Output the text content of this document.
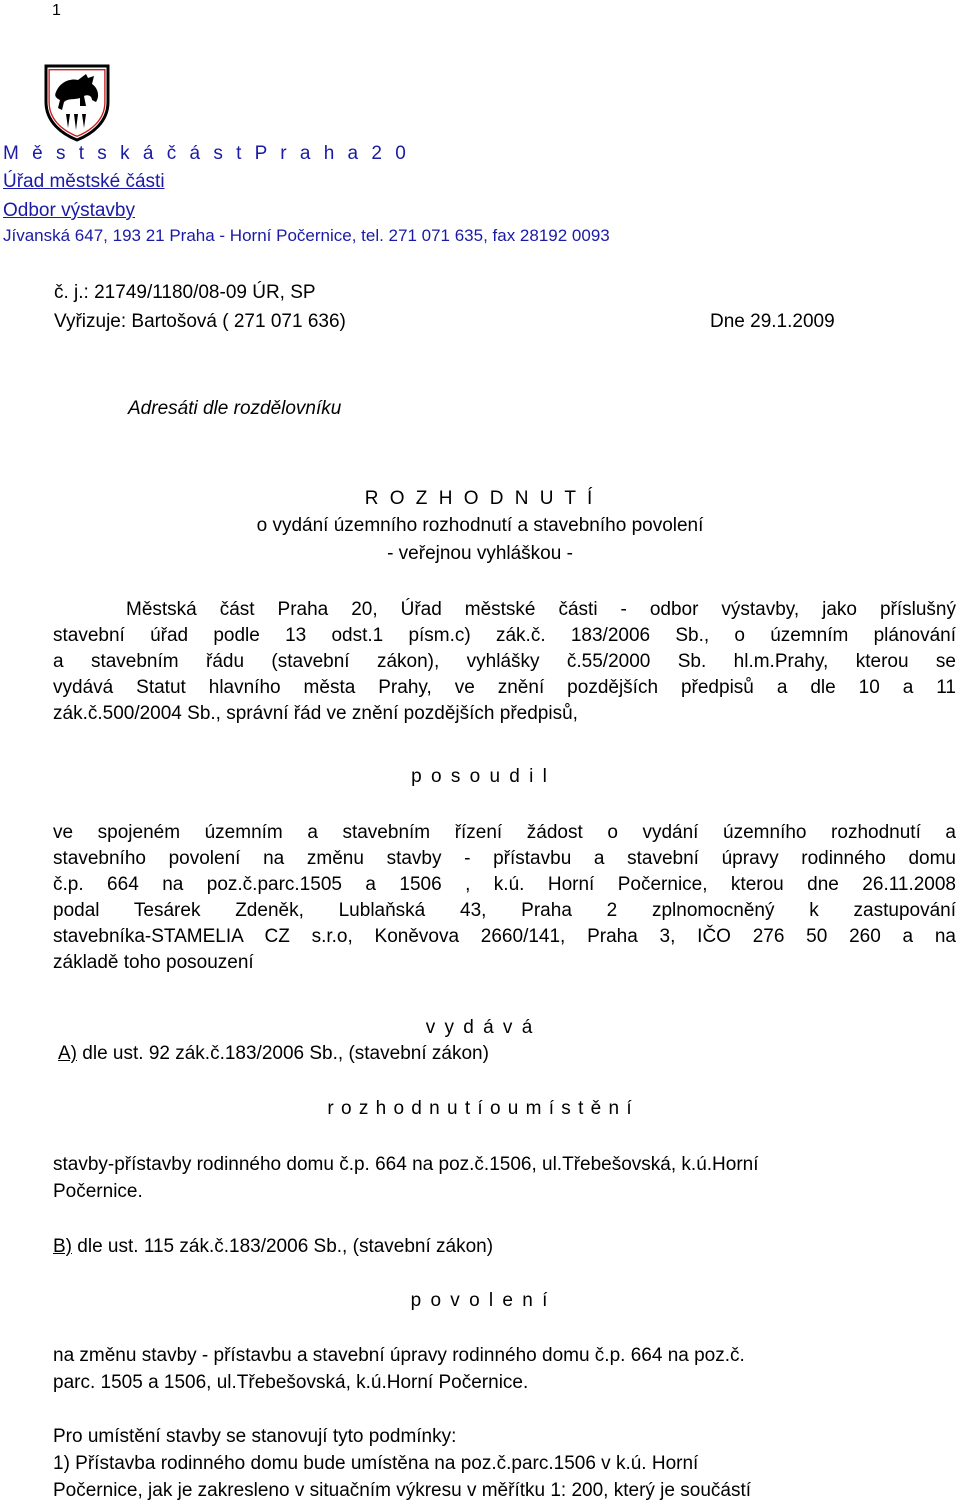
1
M ě s t s k á č á s t P r a h a 2 0
Úřad městské části
Odbor výstavby
Jívanská 647, 193 21 Praha - Horní Počernice, tel. 271 071 635, fax 28192 0093
č. j.: 21749/1180/08-09 ÚR, SP
Vyřizuje: Bartošová ( 271 071 636)	Dne 29.1.2009
Adresáti dle rozdělovníku
R O Z H O D N U T Í
o vydání územního rozhodnutí a stavebního povolení
- veřejnou vyhláškou -
Městská část Praha 20, Úřad městské části - odbor výstavby, jako příslušný
stavební úřad podle 13 odst.1 písm.c) zák.č. 183/2006 Sb., o územním plánování
a stavebním řádu (stavební zákon), vyhlášky č.55/2000 Sb. hl.m.Prahy, kterou se
vydává Statut hlavního města Prahy, ve znění pozdějších předpisů a dle 10 a 11
zák.č.500/2004 Sb., správní řád ve znění pozdějších předpisů,
p o s o u d i l
ve spojeném územním a stavebním řízení žádost o vydání územního rozhodnutí a
stavebního povolení na změnu stavby - přístavbu a stavební úpravy rodinného domu
č.p. 664 na poz.č.parc.1505 a 1506 , k.ú. Horní Počernice, kterou dne 26.11.2008
podal Tesárek Zdeněk, Lublaňská 43, Praha 2 zplnomocněný k zastupování
stavebníka-STAMELIA CZ s.r.o, Koněvova 2660/141, Praha 3, IČO 276 50 260 a na
základě toho posouzení
v y d á v á
A) dle ust. 92 zák.č.183/2006 Sb., (stavební zákon)
r o z h o d n u t í o u m í s t ě n í
stavby-přístavby rodinného domu č.p. 664 na poz.č.1506, ul.Třebešovská, k.ú.Horní
Počernice.
B) dle ust. 115 zák.č.183/2006 Sb., (stavební zákon)
p o v o l e n í
na změnu stavby - přístavbu a stavební úpravy rodinného domu č.p. 664 na poz.č.
parc. 1505 a 1506, ul.Třebešovská, k.ú.Horní Počernice.
Pro umístění stavby se stanovují tyto podmínky:
1) Přístavba rodinného domu bude umístěna na poz.č.parc.1506 v k.ú. Horní
Počernice, jak je zakresleno v situačním výkresu v měřítku 1: 200, který je součástí
